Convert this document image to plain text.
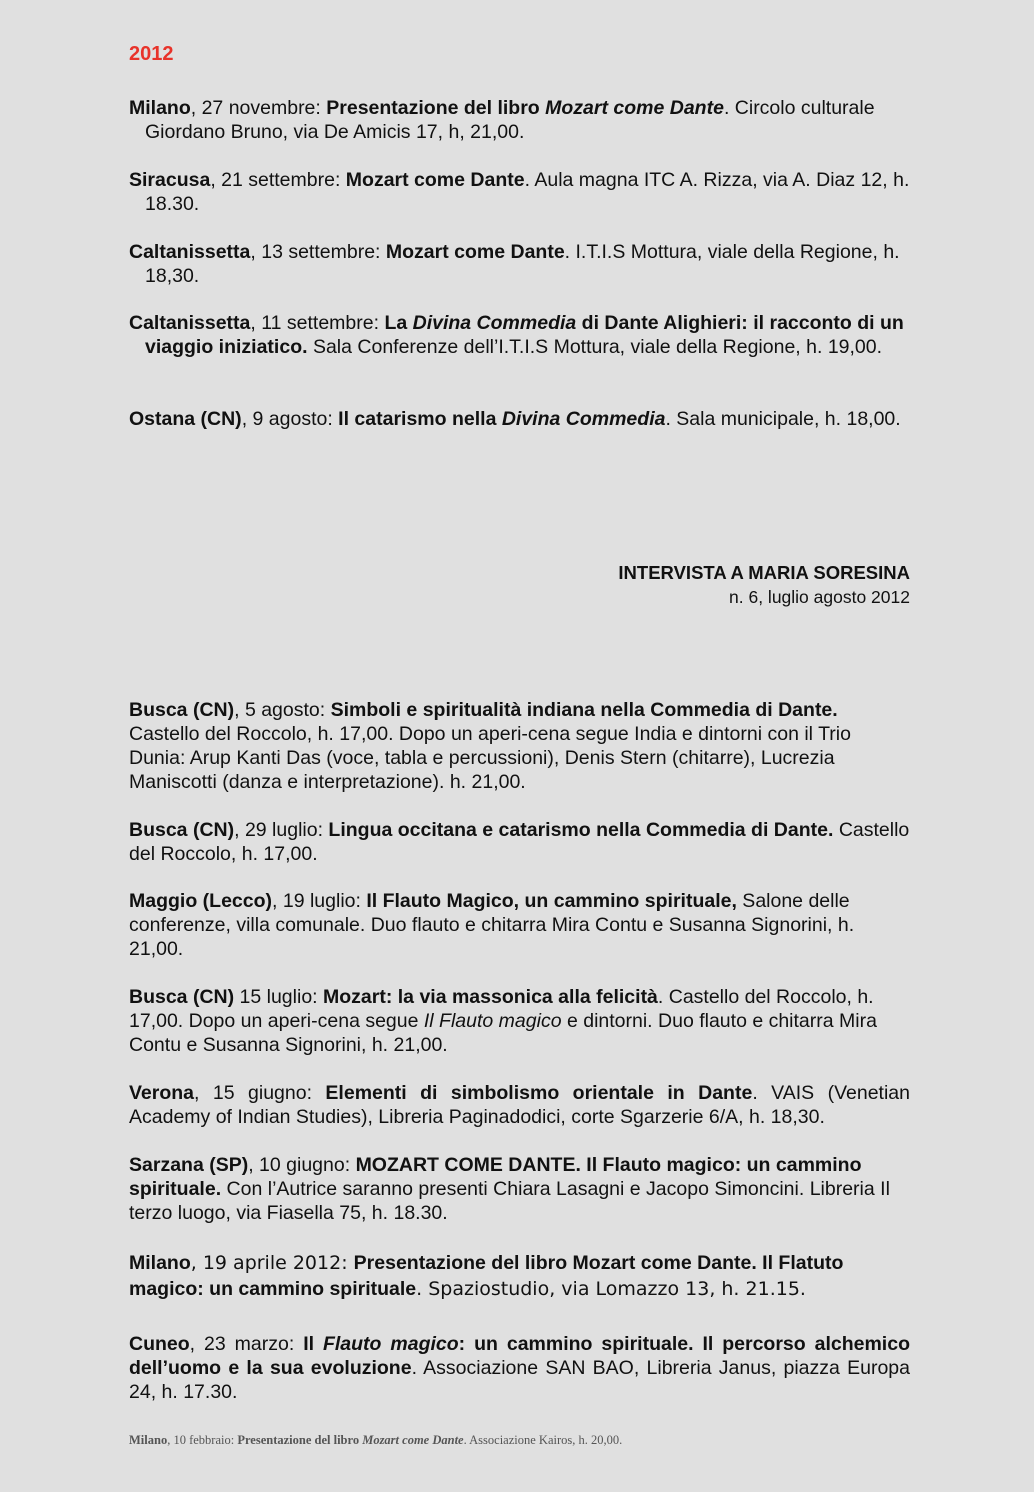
2012

Milano, 27 novembre: Presentazione del libro Mozart come Dante. Circolo culturale Giordano Bruno, via De Amicis 17, h, 21,00.

Siracusa, 21 settembre: Mozart come Dante. Aula magna ITC A. Rizza, via A. Diaz 12, h. 18.30.

Caltanissetta, 13 settembre: Mozart come Dante. I.T.I.S Mottura, viale della Regione, h. 18,30.

Caltanissetta, 11 settembre: La Divina Commedia di Dante Alighieri: il racconto di un viaggio iniziatico. Sala Conferenze dell’I.T.I.S Mottura, viale della Regione, h. 19,00.

Ostana (CN), 9 agosto: Il catarismo nella Divina Commedia. Sala municipale, h. 18,00.

INTERVISTA A MARIA SORESINA
n. 6, luglio agosto 2012

Busca (CN), 5 agosto: Simboli e spiritualità indiana nella Commedia di Dante. Castello del Roccolo, h. 17,00. Dopo un aperi-cena segue India e dintorni con il Trio Dunia: Arup Kanti Das (voce, tabla e percussioni), Denis Stern (chitarre), Lucrezia Maniscotti (danza e interpretazione). h. 21,00.

Busca (CN), 29 luglio: Lingua occitana e catarismo nella Commedia di Dante. Castello del Roccolo, h. 17,00.

Maggio (Lecco), 19 luglio: Il Flauto Magico, un cammino spirituale, Salone delle conferenze, villa comunale. Duo flauto e chitarra Mira Contu e Susanna Signorini, h. 21,00.

Busca (CN) 15 luglio: Mozart: la via massonica alla felicità. Castello del Roccolo, h. 17,00. Dopo un aperi-cena segue Il Flauto magico e dintorni. Duo flauto e chitarra Mira Contu e Susanna Signorini, h. 21,00.

Verona, 15 giugno: Elementi di simbolismo orientale in Dante. VAIS (Venetian Academy of Indian Studies), Libreria Paginadodici, corte Sgarzerie 6/A, h. 18,30.

Sarzana (SP), 10 giugno: MOZART COME DANTE. Il Flauto magico: un cammino spirituale. Con l’Autrice saranno presenti Chiara Lasagni e Jacopo Simoncini. Libreria Il terzo luogo, via Fiasella 75, h. 18.30.

Milano, 19 aprile 2012: Presentazione del libro Mozart come Dante. Il Flatuto magico: un cammino spirituale. Spaziostudio, via Lomazzo 13, h. 21.15.

Cuneo, 23 marzo: Il Flauto magico: un cammino spirituale. Il percorso alchemico dell’uomo e la sua evoluzione. Associazione SAN BAO, Libreria Janus, piazza Europa 24, h. 17.30.

Milano, 10 febbraio: Presentazione del libro Mozart come Dante. Associazione Kairos, h. 20,00.
